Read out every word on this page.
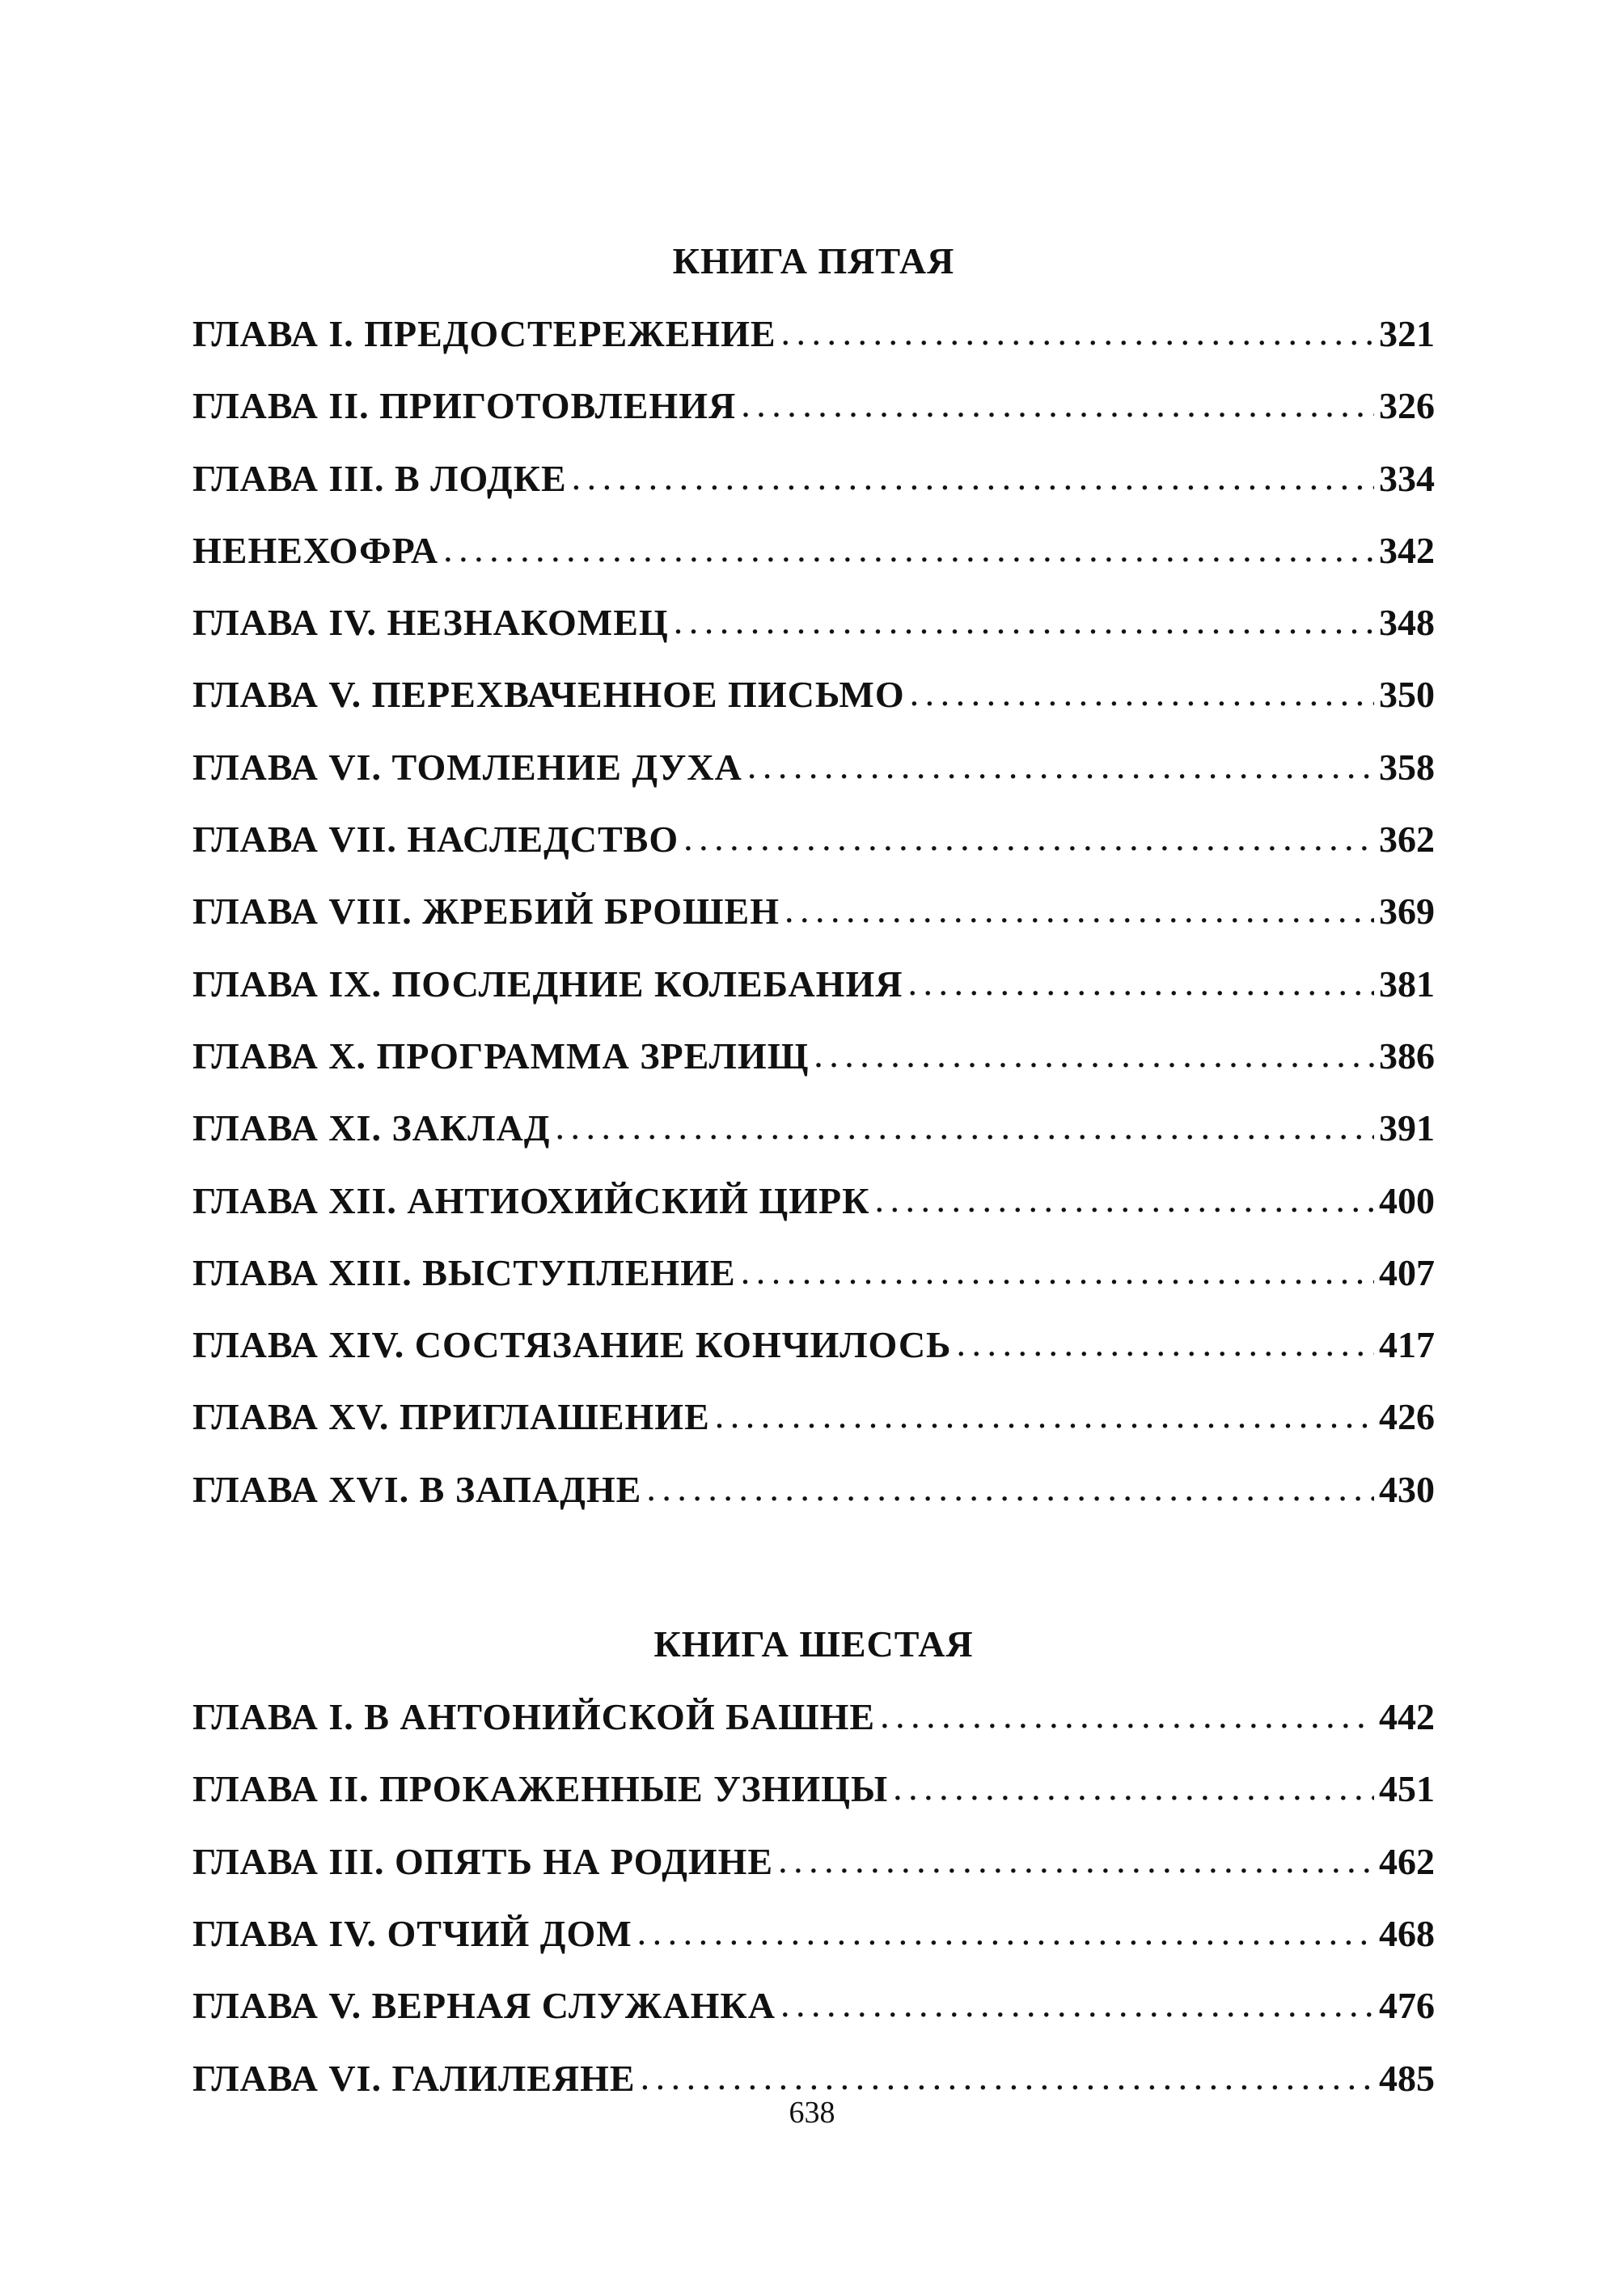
КНИГА ПЯТАЯ
ГЛАВА I. ПРЕДОСТЕРЕЖЕНИЕ . . .	321
ГЛАВА II. ПРИГОТОВЛЕНИЯ . . .	326
ГЛАВА III. В ЛОДКЕ . . .	334
НЕНЕХОФРА . . .	342
ГЛАВА IV. НЕЗНАКОМЕЦ . . .	348
ГЛАВА V. ПЕРЕХВАЧЕННОЕ ПИСЬМО . . .	350
ГЛАВА VI. ТОМЛЕНИЕ ДУХА . . .	358
ГЛАВА VII. НАСЛЕДСТВО . . .	362
ГЛАВА VIII. ЖРЕБИЙ БРОШЕН . . .	369
ГЛАВА IX. ПОСЛЕДНИЕ КОЛЕБАНИЯ . . .	381
ГЛАВА X. ПРОГРАММА ЗРЕЛИЩ . . .	386
ГЛАВА XI. ЗАКЛАД . . .	391
ГЛАВА XII. АНТИОХИЙСКИЙ ЦИРК . . .	400
ГЛАВА XIII. ВЫСТУПЛЕНИЕ . . .	407
ГЛАВА XIV. СОСТЯЗАНИЕ КОНЧИЛОСЬ . . .	417
ГЛАВА XV. ПРИГЛАШЕНИЕ . . .	426
ГЛАВА XVI. В ЗАПАДНЕ . . .	430
КНИГА ШЕСТАЯ
ГЛАВА I. В АНТОНИЙСКОЙ БАШНЕ . . .	442
ГЛАВА II. ПРОКАЖЕННЫЕ УЗНИЦЫ . . .	451
ГЛАВА III. ОПЯТЬ НА РОДИНЕ . . .	462
ГЛАВА IV. ОТЧИЙ ДОМ . . .	468
ГЛАВА V. ВЕРНАЯ СЛУЖАНКА . . .	476
ГЛАВА VI. ГАЛИЛЕЯНЕ . . .	485
638
